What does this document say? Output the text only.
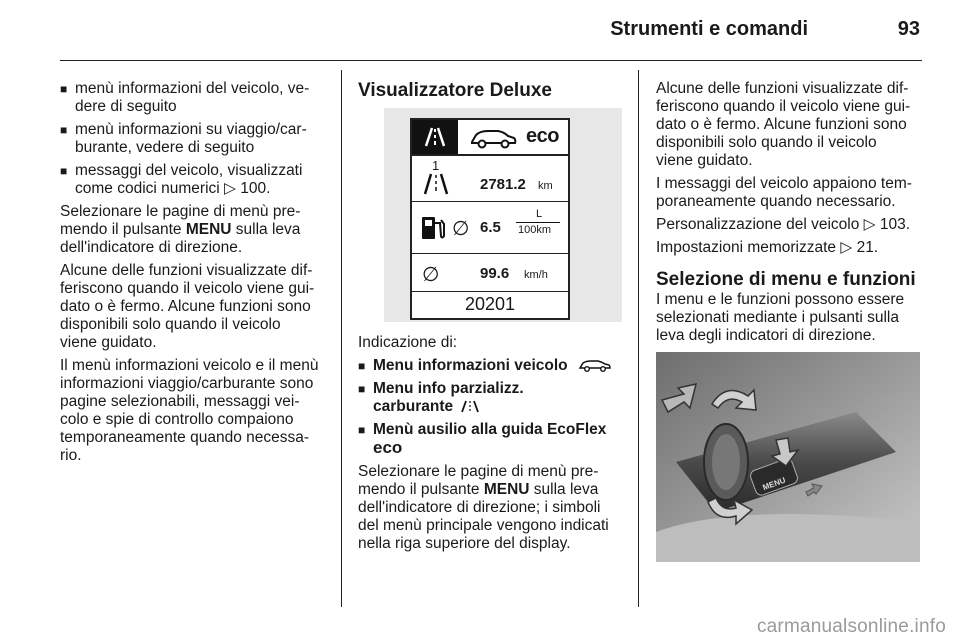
Strumenti e comandi	93
■ menù informazioni del veicolo, ve-
dere di seguito
■ menù informazioni su viaggio/car-
burante, vedere di seguito
■ messaggi del veicolo, visualizzati
come codici numerici ▷ 100.

Selezionare le pagine di menù pre-
mendo il pulsante MENU sulla leva
dell'indicatore di direzione.

Alcune delle funzioni visualizzate dif-
feriscono quando il veicolo viene gui-
dato o è fermo. Alcune funzioni sono
disponibili solo quando il veicolo
viene guidato.

Il menù informazioni veicolo e il menù
informazioni viaggio/carburante sono
pagine selezionabili, messaggi vei-
colo e spie di controllo compaiono
temporaneamente quando necessa-
rio.

Visualizzatore Deluxe
eco
1
2781.2 km
∅ 6.5
L
100km
∅	99.6 km/h
20201

Indicazione di:

■ Menu informazioni veicolo
■ Menu info parzializz.
carburante
■ Menù ausilio alla guida EcoFlex
eco

Selezionare le pagine di menù pre-
mendo il pulsante MENU sulla leva
dell'indicatore di direzione; i simboli
del menù principale vengono indicati
nella riga superiore del display.

Alcune delle funzioni visualizzate dif-
feriscono quando il veicolo viene gui-
dato o è fermo. Alcune funzioni sono
disponibili solo quando il veicolo
viene guidato.

I messaggi del veicolo appaiono tem-
poraneamente quando necessario.

Personalizzazione del veicolo ▷ 103.

Impostazioni memorizzate ▷ 21.

Selezione di menu e funzioni

I menu e le funzioni possono essere
selezionati mediante i pulsanti sulla
leva degli indicatori di direzione.

MENU
carmanualsonline.info
